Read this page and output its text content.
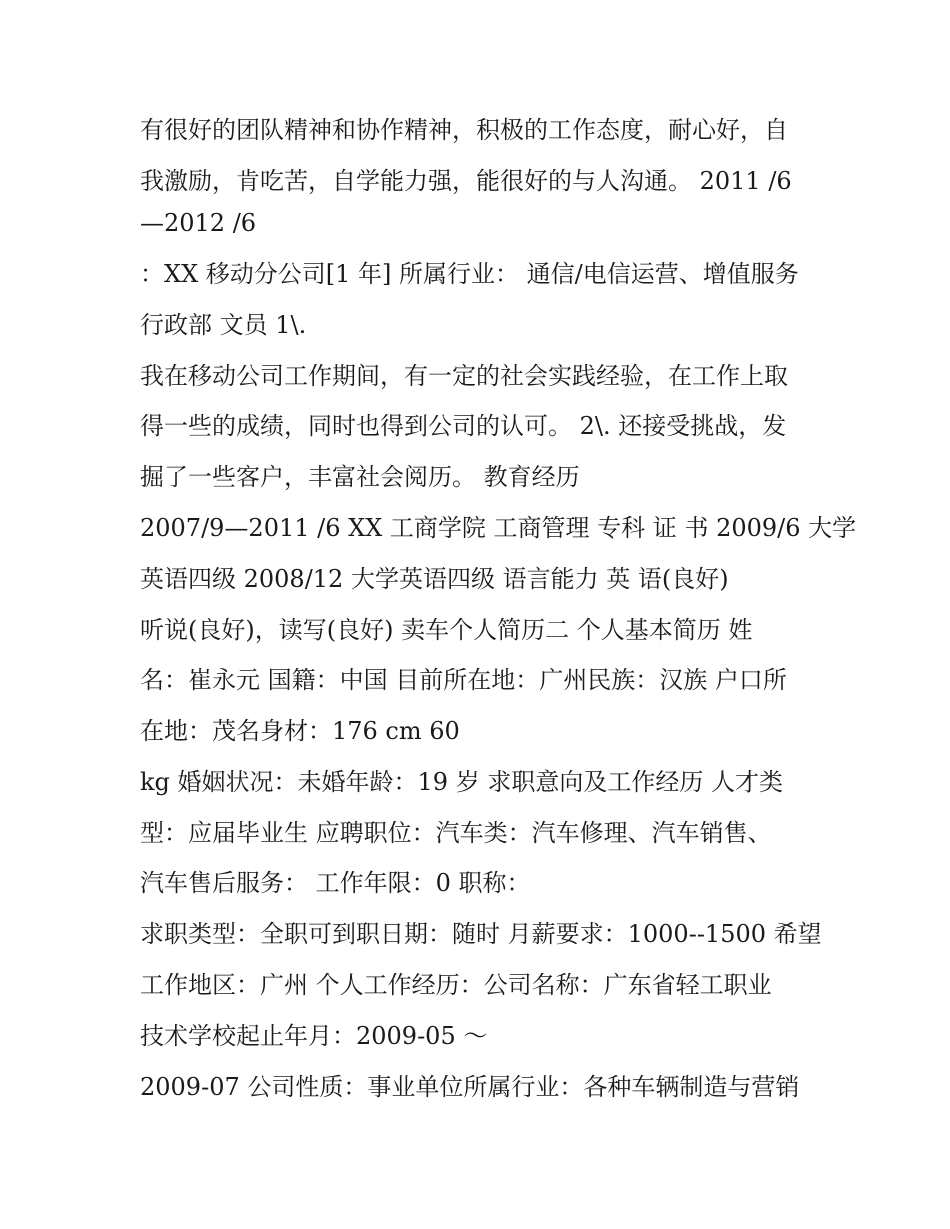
有很好的团队精神和协作精神，积极的工作态度，耐心好，自
我激励，肯吃苦，自学能力强，能很好的与人沟通。 2011 /6
—2012 /6
：XX 移动分公司[1 年] 所属行业： 通信/电信运营、增值服务
行政部 文员 1\.
我在移动公司工作期间，有一定的社会实践经验，在工作上取
得一些的成绩，同时也得到公司的认可。 2\. 还接受挑战，发
掘了一些客户，丰富社会阅历。 教育经历
2007/9—2011 /6 XX 工商学院 工商管理 专科 证 书 2009/6 大学
英语四级 2008/12 大学英语四级 语言能力 英 语(良好)
听说(良好)，读写(良好) 卖车个人简历二 个人基本简历 姓
名：崔永元 国籍：中国 目前所在地：广州民族：汉族 户口所
在地：茂名身材：176 cm 60
kg 婚姻状况：未婚年龄：19 岁 求职意向及工作经历 人才类
型：应届毕业生 应聘职位：汽车类：汽车修理、汽车销售、
汽车售后服务： 工作年限：0 职称：
求职类型：全职可到职日期：随时 月薪要求：1000--1500 希望
工作地区：广州 个人工作经历：公司名称：广东省轻工职业
技术学校起止年月：2009-05 ～
2009-07 公司性质：事业单位所属行业：各种车辆制造与营销
